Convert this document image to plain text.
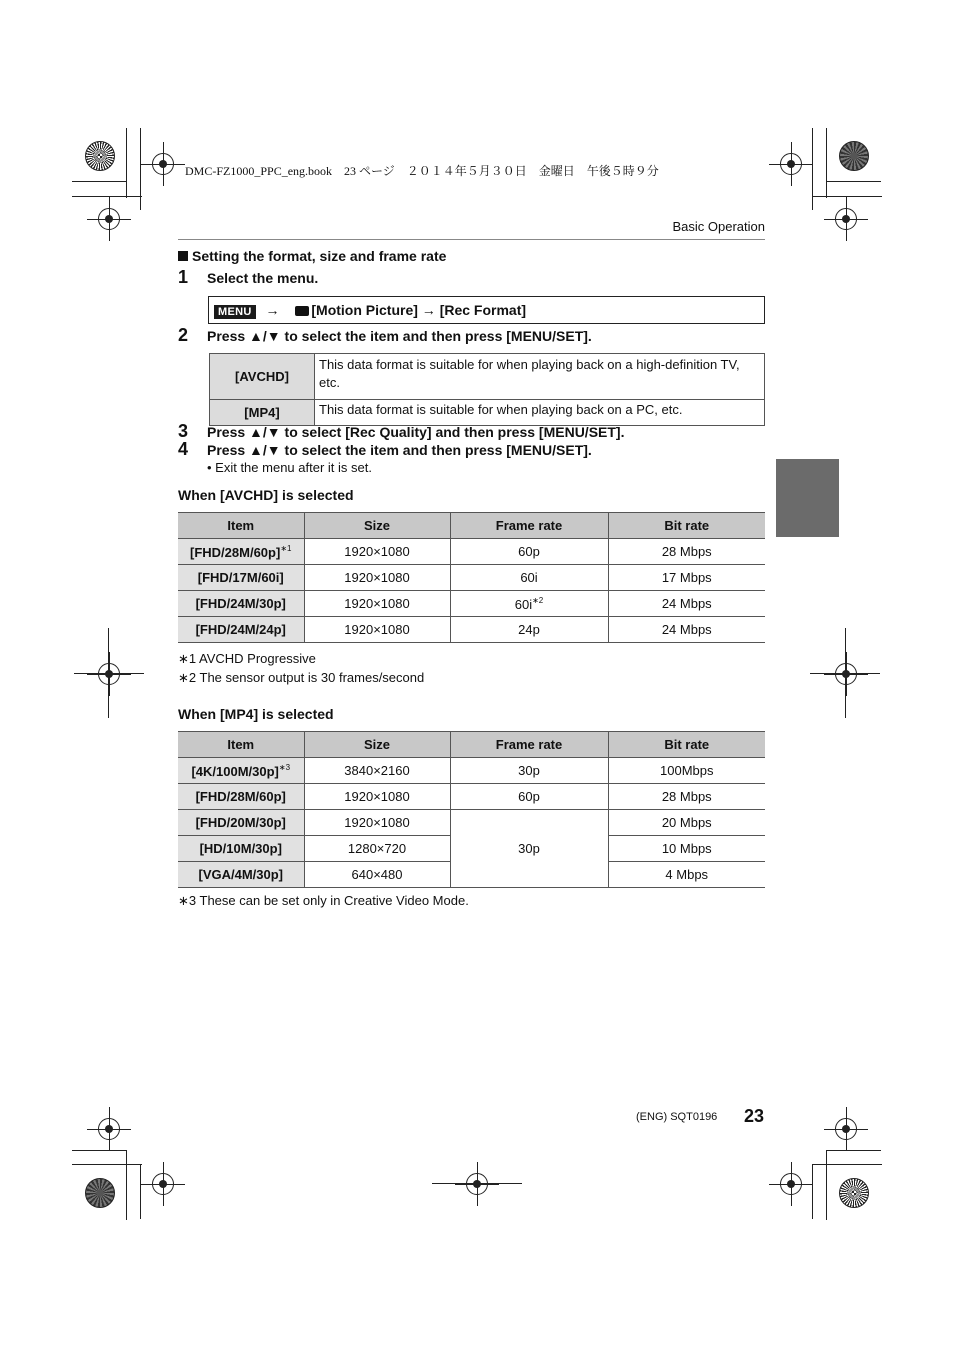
DMC-FZ1000_PPC_eng.book　23 ページ　２０１４年５月３０日　金曜日　午後５時９分
Basic Operation
Setting the format, size and frame rate
1 Select the menu.
MENU → [Motion Picture] → [Rec Format]
2 Press ▲/▼ to select the item and then press [MENU/SET].
[AVCHD]	This data format is suitable for when playing back on a high-definition TV, etc.
[MP4]	This data format is suitable for when playing back on a PC, etc.
3 Press ▲/▼ to select [Rec Quality] and then press [MENU/SET].
4 Press ▲/▼ to select the item and then press [MENU/SET].
• Exit the menu after it is set.
When [AVCHD] is selected
Item	Size	Frame rate	Bit rate
$[FHD/28M/60p]^{∗1}$	1920×1080	60p	28 Mbps
[FHD/17M/60i]	1920×1080	60i	17 Mbps
[FHD/24M/30p]	1920×1080	$60i^{∗2}$	24 Mbps
[FHD/24M/24p]	1920×1080	24p	24 Mbps
∗1 AVCHD Progressive
∗2 The sensor output is 30 frames/second
When [MP4] is selected
Item	Size	Frame rate	Bit rate
$[4K/100M/30p]^{∗3}$	3840×2160	30p	100Mbps
[FHD/28M/60p]	1920×1080	60p	28 Mbps
[FHD/20M/30p]	1920×1080	30p	20 Mbps
[HD/10M/30p]	1280×720		10 Mbps
[VGA/4M/30p]	640×480		4 Mbps
∗3 These can be set only in Creative Video Mode.
(ENG) SQT0196 23
